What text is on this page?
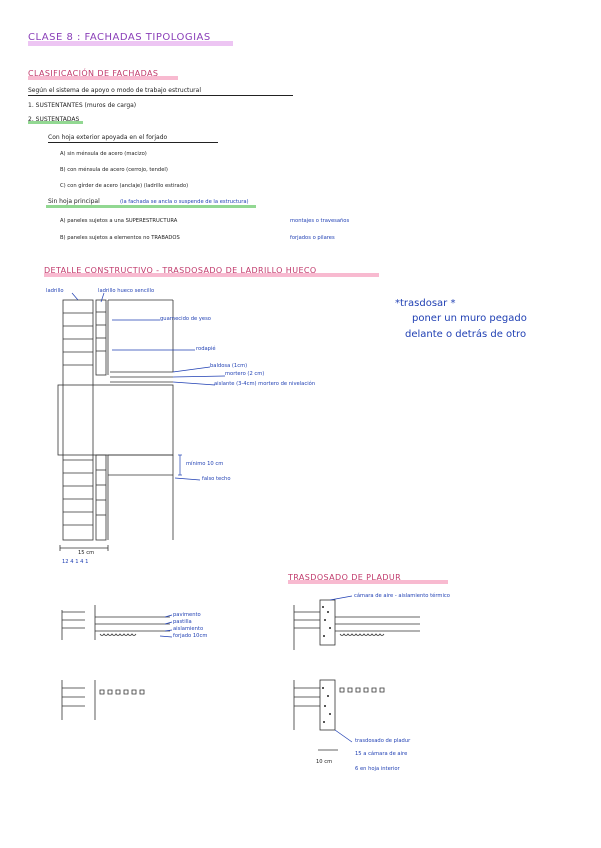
CLASE 8 : FACHADAS TIPOLOGIAS
CLASIFICACIÓN DE FACHADAS
Según el sistema de apoyo o modo de trabajo estructural
1. SUSTENTANTES (muros de carga)
2. SUSTENTADAS
Con hoja exterior apoyada en el forjado
A) sin ménsula de acero (macizo)
B) con ménsula de acero (cerrojo, tendel)
C) con gírder de acero (anclaje) (ladrillo estirado)
Sin hoja principal	(la fachada se ancla o suspende de la estructura)
A) paneles sujetos a una SUPERESTRUCTURA	montajes o travesaños
B) paneles sujetos a elementos no TRABADOS	forjados o pilares
DETALLE CONSTRUCTIVO - TRASDOSADO DE LADRILLO HUECO
ladrillo	ladrillo hueco sencillo
guarnecido de yeso
rodapié
baldosa (1cm)
mortero (2 cm)
aislante (3-4cm) mortero de nivelación
mínimo 10 cm
falso techo
15 cm
12 4 1 4 1
*trasdosar *
poner un muro pegado
delante o detrás de otro
TRASDOSADO DE PLADUR
cámara de aire - aislamiento térmico
pavimento
pastilla
aislamiento
forjado 10cm
trasdosado de pladur
15 a cámara de aire
6 en hoja interior
10 cm
